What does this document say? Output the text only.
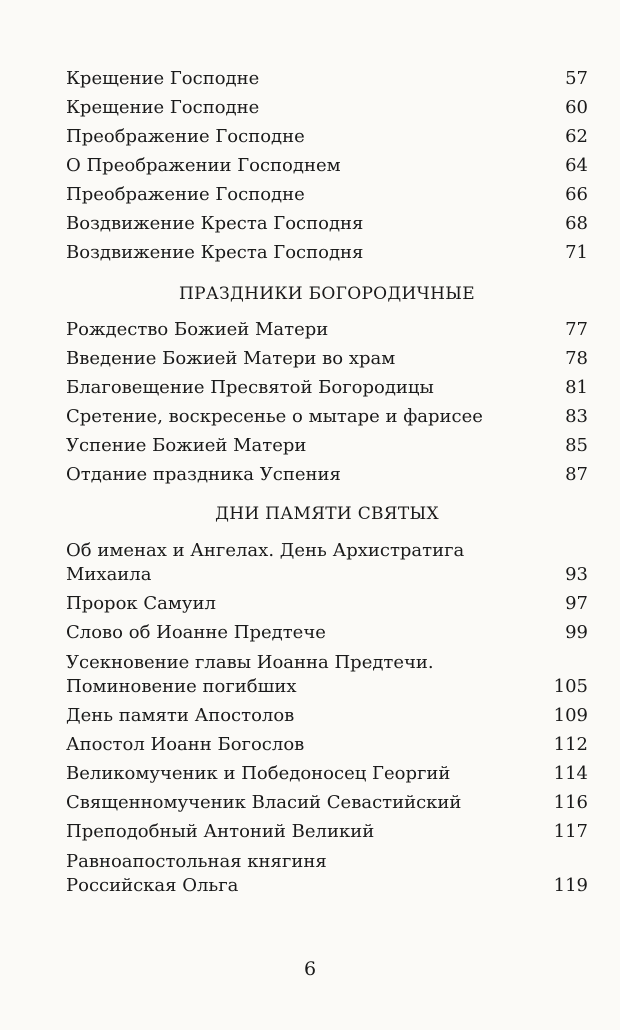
Крещение Господне	57
Крещение Господне	60
Преображение Господне	62
О Преображении Господнем	64
Преображение Господне	66
Воздвижение Креста Господня	68
Воздвижение Креста Господня	71
ПРАЗДНИКИ БОГОРОДИЧНЫЕ
Рождество Божией Матери	77
Введение Божией Матери во храм	78
Благовещение Пресвятой Богородицы	81
Сретение, воскресенье о мытаре и фарисее	83
Успение Божией Матери	85
Отдание праздника Успения	87
ДНИ ПАМЯТИ СВЯТЫХ
Об именах и Ангелах. День Архистратига
Михаила	93
Пророк Самуил	97
Слово об Иоанне Предтече	99
Усекновение главы Иоанна Предтечи.
Поминовение погибших	105
День памяти Апостолов	109
Апостол Иоанн Богослов	112
Великомученик и Победоносец Георгий	114
Священномученик Власий Севастийский	116
Преподобный Антоний Великий	117
Равноапостольная княгиня
Российская Ольга	119
6
